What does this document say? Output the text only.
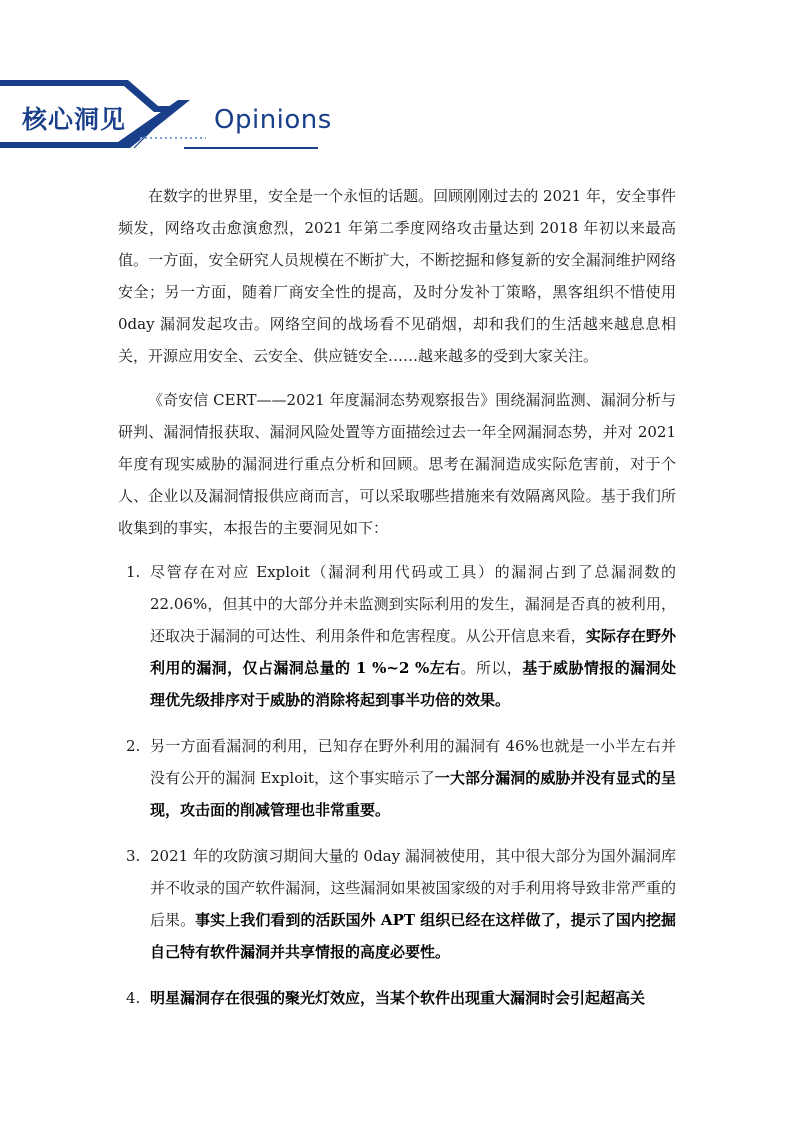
核心洞见	Opinions

在数字的世界里，安全是一个永恒的话题。回顾刚刚过去的 2021 年，安全事件频发，网络攻击愈演愈烈，2021 年第二季度网络攻击量达到 2018 年初以来最高值。一方面，安全研究人员规模在不断扩大，不断挖掘和修复新的安全漏洞维护网络安全；另一方面，随着厂商安全性的提高，及时分发补丁策略，黑客组织不惜使用 0day 漏洞发起攻击。网络空间的战场看不见硝烟，却和我们的生活越来越息息相关，开源应用安全、云安全、供应链安全……越来越多的受到大家关注。

《奇安信 CERT——2021 年度漏洞态势观察报告》围绕漏洞监测、漏洞分析与研判、漏洞情报获取、漏洞风险处置等方面描绘过去一年全网漏洞态势，并对 2021 年度有现实威胁的漏洞进行重点分析和回顾。思考在漏洞造成实际危害前，对于个人、企业以及漏洞情报供应商而言，可以采取哪些措施来有效隔离风险。基于我们所收集到的事实，本报告的主要洞见如下：

1. 尽管存在对应 Exploit（漏洞利用代码或工具）的漏洞占到了总漏洞数的 22.06%，但其中的大部分并未监测到实际利用的发生，漏洞是否真的被利用，还取决于漏洞的可达性、利用条件和危害程度。从公开信息来看，实际存在野外利用的漏洞，仅占漏洞总量的 1 %~2 %左右。所以，基于威胁情报的漏洞处理优先级排序对于威胁的消除将起到事半功倍的效果。
2. 另一方面看漏洞的利用，已知存在野外利用的漏洞有 46%也就是一小半左右并没有公开的漏洞 Exploit，这个事实暗示了一大部分漏洞的威胁并没有显式的呈现，攻击面的削减管理也非常重要。
3. 2021 年的攻防演习期间大量的 0day 漏洞被使用，其中很大部分为国外漏洞库并不收录的国产软件漏洞，这些漏洞如果被国家级的对手利用将导致非常严重的后果。事实上我们看到的活跃国外 APT 组织已经在这样做了，提示了国内挖掘自己特有软件漏洞并共享情报的高度必要性。
4. 明星漏洞存在很强的聚光灯效应，当某个软件出现重大漏洞时会引起超高关
